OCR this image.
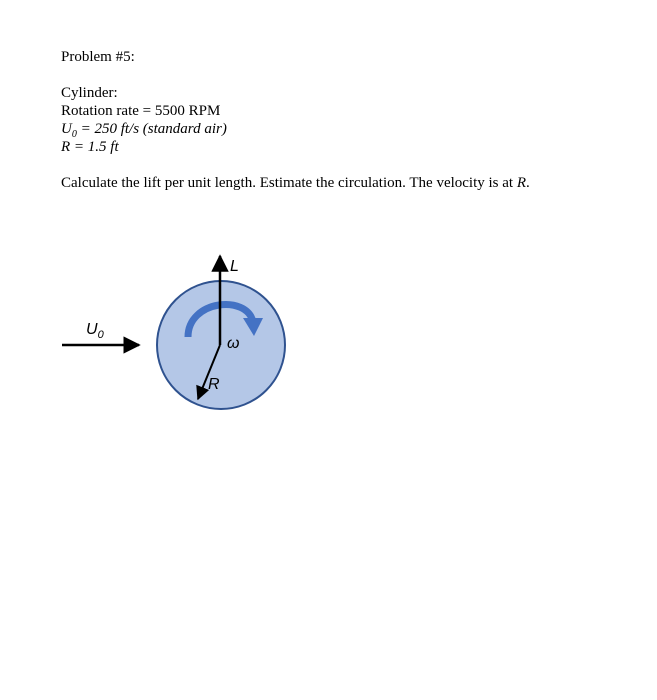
Problem #5:
Cylinder:
Rotation rate = 5500 RPM
$U_0 = 250$ ft/s (standard air)
R = 1.5 ft
Calculate the lift per unit length. Estimate the circulation. The velocity is at R.
$U_0$
L
R
ω
